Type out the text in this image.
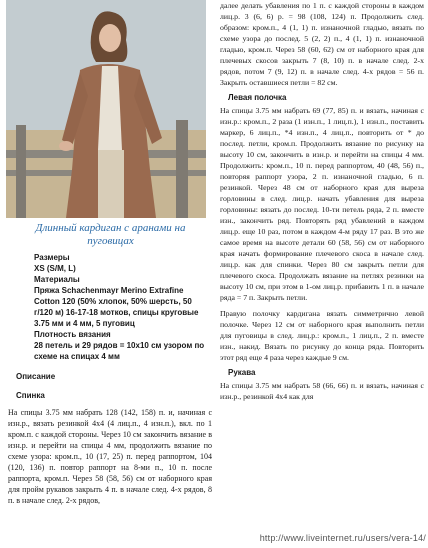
Длинный кардиган с аранами на пуговицах
Размеры
XS (S/M, L)
Материалы
Пряжа Schachenmayr Merino Extrafine
Cotton 120 (50% хлопок, 50% шерсть, 50
г/120 м) 16-17-18 мотков, спицы круговые
3.75 мм и 4 мм, 5 пуговиц
Плотность вязания
28 петель и 29 рядов = 10х10 см узором по
схеме на спицах 4 мм
Описание
Спинка

На спицы 3.75 мм набрать 128 (142, 158) п. и, начиная с изн.р., вязать резинкой 4х4 (4 лиц.п., 4 изн.п.), вкл. по 1 кром.п. с каждой стороны. Через 10 см закончить вязание в изн.р. и перейти на спицы 4 мм, продолжить вязание по схеме узора: кром.п., 10 (17, 25) п. перед раппортом, 104 (120, 136) п. повтор раппорт на 8-ми п., 10 п. после раппорта, кром.п. Через 58 (58, 56) см от наборного края для пройм рукавов закрыть 4 п. в начале след. 4-х рядов, 8 п. в начале след. 2-х рядов,

далее делать убавления по 1 п. с каждой стороны в каждом лиц.р. 3 (6, 6) р. = 98 (108, 124) п. Продолжить след. образом: кром.п., 4 (1, 1) п. изнаночной гладью, вязать по схеме узора до послед. 5 (2, 2) п., 4 (1, 1) п. изнаночной гладью, кром.п. Через 58 (60, 62) см от наборного края для плечевых скосов закрыть 7 (8, 10) п. в начале след. 2-х рядов, потом 7 (9, 12) п. в начале след. 4-х рядов = 56 п. Закрыть оставшиеся петли = 82 см.

Левая полочка

На спицы 3.75 мм набрать 69 (77, 85) п. и вязать, начиная с изн.р.: кром.п., 2 раза (1 изн.п., 1 лиц.п.), 1 изн.п., поставить маркер, 6 лиц.п., *4 изн.п., 4 лиц.п., повторить от * до послед. петли, кром.п. Продолжить вязание по рисунку на высоту 10 см, закончить в изн.р. и перейти на спицы 4 мм. Продолжить: кром.п., 10 п. перед раппортом, 40 (48, 56) п., повторяя раппорт узора, 2 п. изнаночной гладью, 6 п. резинкой. Через 48 см от наборного края для выреза горловины в след. лиц.р. начать убавления для выреза горловины: вязать до послед. 10-ти петель ряда, 2 п. вместе изн., закончить ряд. Повторять ряд убавлений в каждом лиц.р. еще 10 раз, потом в каждом 4-м ряду 17 раз. В это же самое время на высоте детали 60 (58, 56) см от наборного края начать формирование плечевого скоса в начале след. лиц.р. как для спинки. Через 80 см закрыть петли для плечевого скоса. Продолжать вязание на петлях резинки на высоту 10 см, при этом в 1-ом лиц.р. прибавить 1 п. в начале ряда = 7 п. Закрыть петли.

Правую полочку кардигана вязать симметрично левой полочке. Через 12 см от наборного края выполнить петли для пуговицы в след. лиц.р.: кром.п., 1 лиц.п., 2 п. вместе изн., накид. Вязать по рисунку до конца ряда. Повторить этот ряд еще 4 раза через каждые 9 см.

Рукава

На спицы 3.75 мм набрать 58 (66, 66) п. и вязать, начиная с изн.р., резинкой 4х4 как для

http://www.liveinternet.ru/users/vera-14/
